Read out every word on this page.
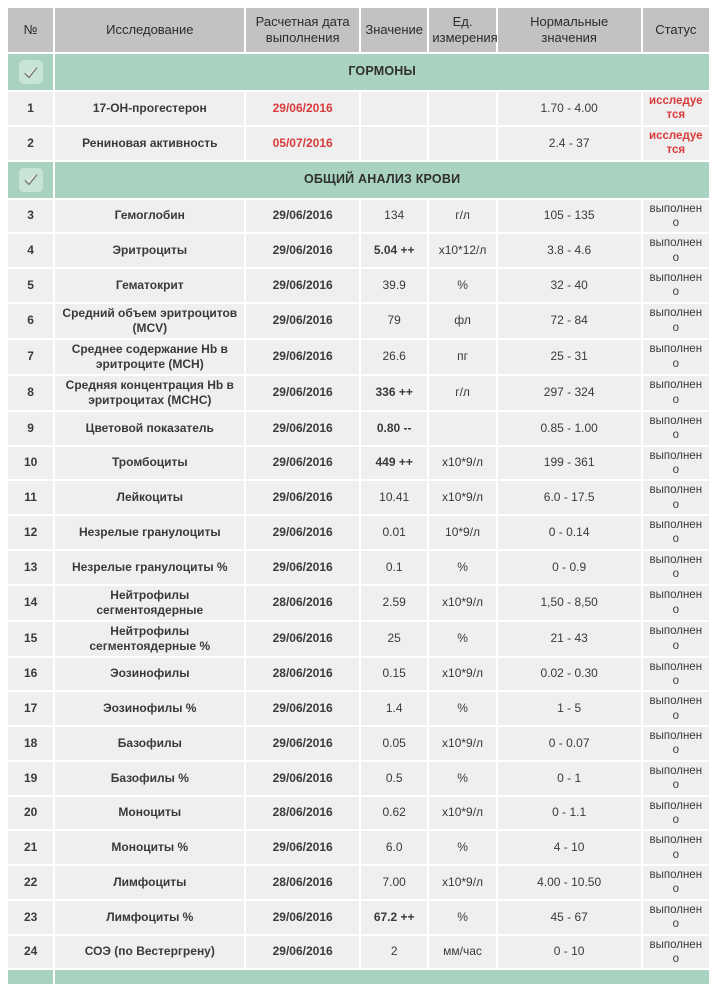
№	Исследование	Расчетная дата выполнения	Значение	Ед. измерения	Нормальные значения	Статус

	ГОРМОНЫ					
1	17-ОН-прогестерон	29/06/2016			1.70 - 4.00	исследуется
2	Рениновая активность	05/07/2016			2.4 - 37	исследуется

	ОБЩИЙ АНАЛИЗ КРОВИ					
3	Гемоглобин	29/06/2016	134	г/л	105 - 135	выполнено
4	Эритроциты	29/06/2016	5.04 ++	x10*12/л	3.8 - 4.6	выполнено
5	Гематокрит	29/06/2016	39.9	%	32 - 40	выполнено
6	Средний объем эритроцитов (MCV)	29/06/2016	79	фл	72 - 84	выполнено
7	Среднее содержание Hb в эритроците (MCH)	29/06/2016	26.6	пг	25 - 31	выполнено
8	Средняя концентрация Hb в эритроцитах (MCHC)	29/06/2016	336 ++	г/л	297 - 324	выполнено
9	Цветовой показатель	29/06/2016	0.80 --		0.85 - 1.00	выполнено
10	Тромбоциты	29/06/2016	449 ++	x10*9/л	199 - 361	выполнено
11	Лейкоциты	29/06/2016	10.41	x10*9/л	6.0 - 17.5	выполнено
12	Незрелые гранулоциты	29/06/2016	0.01	10*9/л	0 - 0.14	выполнено
13	Незрелые гранулоциты %	29/06/2016	0.1	%	0 - 0.9	выполнено
14	Нейтрофилы сегментоядерные	28/06/2016	2.59	x10*9/л	1,50 - 8,50	выполнено
15	Нейтрофилы сегментоядерные %	29/06/2016	25	%	21 - 43	выполнено
16	Эозинофилы	28/06/2016	0.15	x10*9/л	0.02 - 0.30	выполнено
17	Эозинофилы %	29/06/2016	1.4	%	1 - 5	выполнено
18	Базофилы	29/06/2016	0.05	x10*9/л	0 - 0.07	выполнено
19	Базофилы %	29/06/2016	0.5	%	0 - 1	выполнено
20	Моноциты	28/06/2016	0.62	x10*9/л	0 - 1.1	выполнено
21	Моноциты %	29/06/2016	6.0	%	4 - 10	выполнено
22	Лимфоциты	28/06/2016	7.00	x10*9/л	4.00 - 10.50	выполнено
23	Лимфоциты %	29/06/2016	67.2 ++	%	45 - 67	выполнено
24	СОЭ (по Вестергрену)	29/06/2016	2	мм/час	0 - 10	выполнено
